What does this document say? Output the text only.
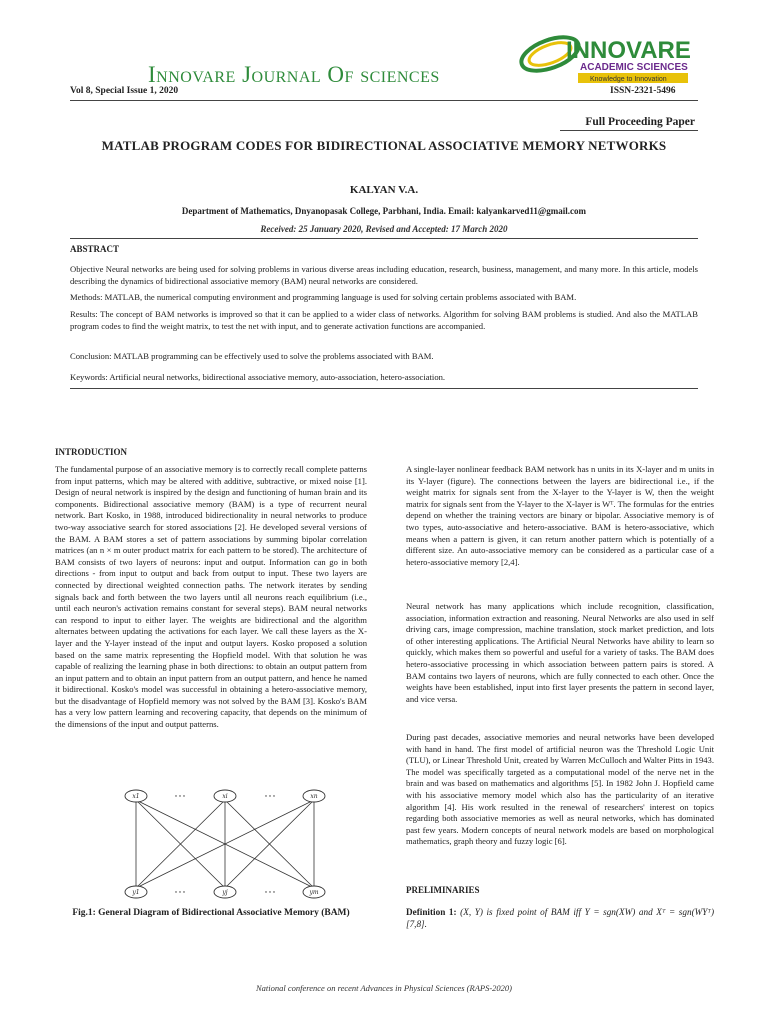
Innovare Journal Of sciences
Vol 8, Special Issue 1, 2020	ISSN-2321-5496
INNOVARE
ACADEMIC SCIENCES
Knowledge to Innovation
Full Proceeding Paper
MATLAB PROGRAM CODES FOR BIDIRECTIONAL ASSOCIATIVE MEMORY NETWORKS
KALYAN V.A.
Department of Mathematics, Dnyanopasak College, Parbhani, India. Email: kalyankarved11@gmail.com
Received: 25 January 2020, Revised and Accepted: 17 March 2020
ABSTRACT
Objective Neural networks are being used for solving problems in various diverse areas including education, research, business, management, and many more. In this article, models describing the dynamics of bidirectional associative memory (BAM) neural networks are considered.
Methods: MATLAB, the numerical computing environment and programming language is used for solving certain problems associated with BAM.
Results: The concept of BAM networks is improved so that it can be applied to a wider class of networks. Algorithm for solving BAM problems is studied. And also the MATLAB program codes to find the weight matrix, to test the net with input, and to generate activation functions are accompanied.
Conclusion: MATLAB programming can be effectively used to solve the problems associated with BAM.
Keywords: Artificial neural networks, bidirectional associative memory, auto-association, hetero-association.
INTRODUCTION
The fundamental purpose of an associative memory is to correctly recall complete patterns from input patterns, which may be altered with additive, subtractive, or mixed noise [1]. Design of neural network is inspired by the design and functioning of human brain and its components. Bidirectional associative memory (BAM) is a type of recurrent neural network. Bart Kosko, in 1988, introduced bidirectionality in neural networks to produce two-way associative search for stored associations [2]. He developed several versions of the BAM. A BAM stores a set of pattern associations by summing bipolar correlation matrices (an n × m outer product matrix for each pattern to be stored). The architecture of BAM consists of two layers of neurons: input and output. Information can go in both directions - from input to output and back from output to input. These two layers are connected by directional weighted connection paths. The network iterates by sending signals back and forth between the two layers until all neurons reach equilibrium (i.e., until each neuron's activation remains constant for several steps). BAM neural networks can respond to input to either layer. The weights are bidirectional and the algorithm alternates between updating the activations for each layer. We call these layers as the X-layer and the Y-layer instead of the input and output layers. Kosko proposed a solution based on the same matrix representing the Hopfield model. With that solution he was capable of realizing the learning phase in both directions: to obtain an output pattern from an input pattern and to obtain an input pattern from an output pattern, and hence he named it bidirectional. Kosko's model was successful in obtaining a hetero-associative memory, but the disadvantage of Hopfield memory was not solved by the BAM [3]. Kosko's BAM has a very low pattern learning and recovering capacity, that depends on the minimum of the dimensions of the input and output patterns.
x1	xi	xn
y1	yj	ym
Fig.1: General Diagram of Bidirectional Associative Memory (BAM)
A single-layer nonlinear feedback BAM network has n units in its X-layer and m units in its Y-layer (figure). The connections between the layers are bidirectional i.e., if the weight matrix for signals sent from the X-layer to the Y-layer is W, then the weight matrix for signals sent from the Y-layer to the X-layer is Wᵀ. The formulas for the entries depend on whether the training vectors are binary or bipolar. Associative memory is of two types, auto-associative and hetero-associative. BAM is hetero-associative, which means when a pattern is given, it can return another pattern which is potentially of a different size. An auto-associative memory can be considered as a particular case of a hetero-associative memory [2,4].
Neural network has many applications which include recognition, classification, association, information extraction and reasoning. Neural Networks are also used in self driving cars, image compression, machine translation, stock market prediction, and lots of other interesting applications. The Artificial Neural Networks have ability to learn so quickly, which makes them so powerful and useful for a variety of tasks. The BAM does hetero-associative processing in which association between pattern pairs is stored. A BAM contains two layers of neurons, which are fully connected to each other. Once the weights have been established, input into first layer presents the pattern in second layer, and vice versa.
During past decades, associative memories and neural networks have been developed with hand in hand. The first model of artificial neuron was the Threshold Logic Unit (TLU), or Linear Threshold Unit, created by Warren McCulloch and Walter Pitts in 1943. The model was specifically targeted as a computational model of the nerve net in the brain and was based on mathematics and algorithms [5]. In 1982 John J. Hopfield came with his associative memory model which also has the particularity of an iterative algorithm [4]. His work resulted in the renewal of researchers' interest on topics regarding both associative memories as well as neural networks, which has dominated past few years. Modern concepts of neural network models are based on morphological mathematics, graph theory and fuzzy logic [6].
PRELIMINARIES
Definition 1: (X, Y) is fixed point of BAM iff Y = sgn(XW) and Xᵀ = sgn(WYᵀ) [7,8].
National conference on recent Advances in Physical Sciences (RAPS-2020)
